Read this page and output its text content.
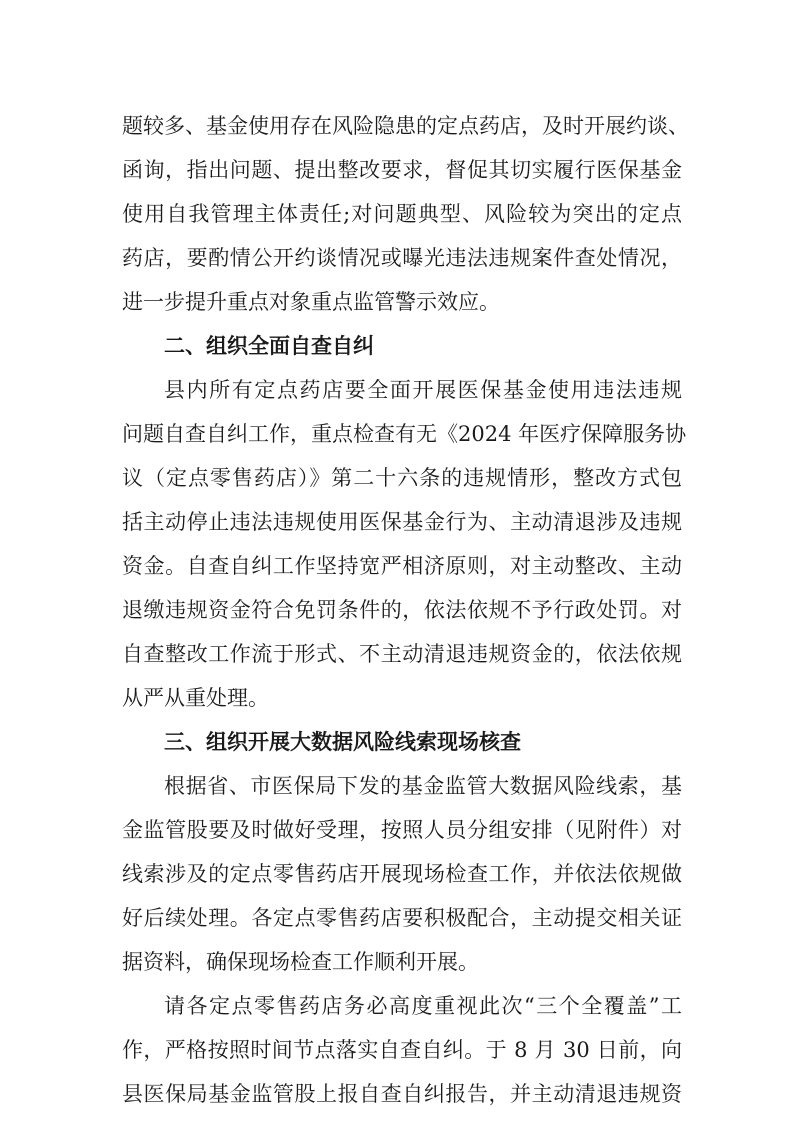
题较多、基金使用存在风险隐患的定点药店，及时开展约谈、
函询，指出问题、提出整改要求，督促其切实履行医保基金
使用自我管理主体责任;对问题典型、风险较为突出的定点
药店，要酌情公开约谈情况或曝光违法违规案件查处情况，
进一步提升重点对象重点监管警示效应。
二、组织全面自查自纠
县内所有定点药店要全面开展医保基金使用违法违规
问题自查自纠工作，重点检查有无《2024 年医疗保障服务协
议（定点零售药店）》第二十六条的违规情形，整改方式包
括主动停止违法违规使用医保基金行为、主动清退涉及违规
资金。自查自纠工作坚持宽严相济原则，对主动整改、主动
退缴违规资金符合免罚条件的，依法依规不予行政处罚。对
自查整改工作流于形式、不主动清退违规资金的，依法依规
从严从重处理。
三、组织开展大数据风险线索现场核查
根据省、市医保局下发的基金监管大数据风险线索，基
金监管股要及时做好受理，按照人员分组安排（见附件）对
线索涉及的定点零售药店开展现场检查工作，并依法依规做
好后续处理。各定点零售药店要积极配合，主动提交相关证
据资料，确保现场检查工作顺利开展。
请各定点零售药店务必高度重视此次“三个全覆盖”工
作，严格按照时间节点落实自查自纠。于 8 月 30 日前，向
县医保局基金监管股上报自查自纠报告，并主动清退违规资
